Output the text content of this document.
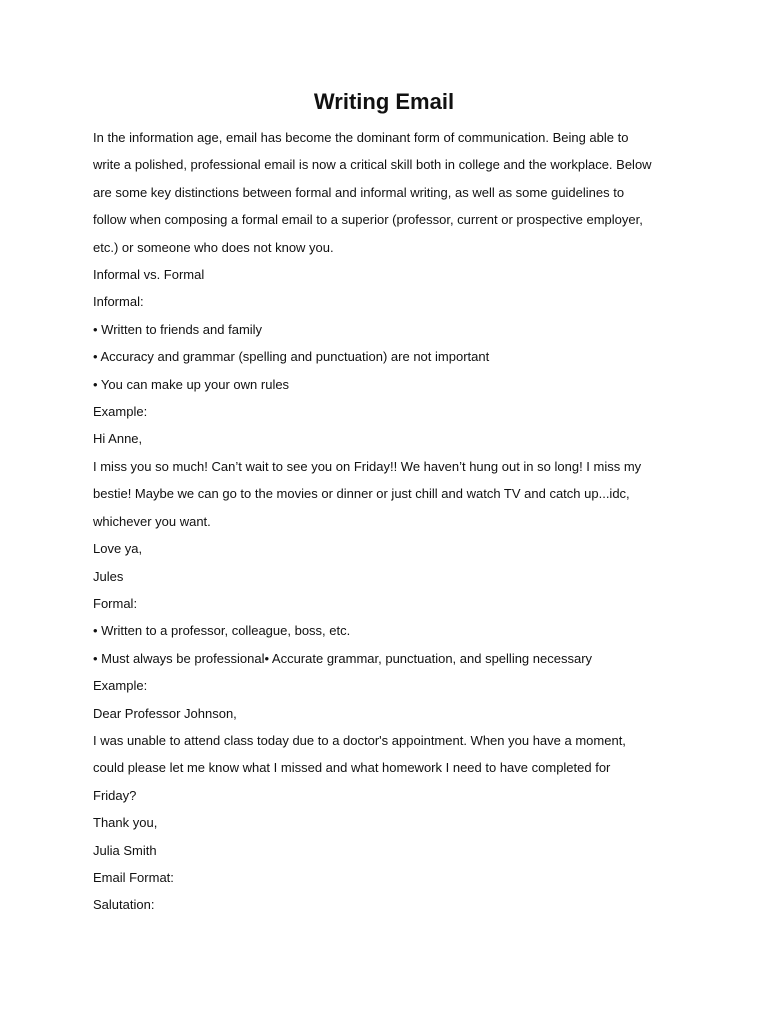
Writing Email

In the information age, email has become the dominant form of communication. Being able to write a polished, professional email is now a critical skill both in college and the workplace. Below are some key distinctions between formal and informal writing, as well as some guidelines to follow when composing a formal email to a superior (professor, current or prospective employer, etc.) or someone who does not know you.

Informal vs. Formal

Informal:

• Written to friends and family

• Accuracy and grammar (spelling and punctuation) are not important

• You can make up your own rules

Example:

Hi Anne,

I miss you so much! Can’t wait to see you on Friday!! We haven’t hung out in so long! I miss my bestie! Maybe we can go to the movies or dinner or just chill and watch TV and catch up...idc, whichever you want.

Love ya,

Jules

Formal:

• Written to a professor, colleague, boss, etc.

• Must always be professional• Accurate grammar, punctuation, and spelling necessary

Example:

Dear Professor Johnson,

I was unable to attend class today due to a doctor's appointment. When you have a moment, could please let me know what I missed and what homework I need to have completed for Friday?

Thank you,

Julia Smith

Email Format:

Salutation:
